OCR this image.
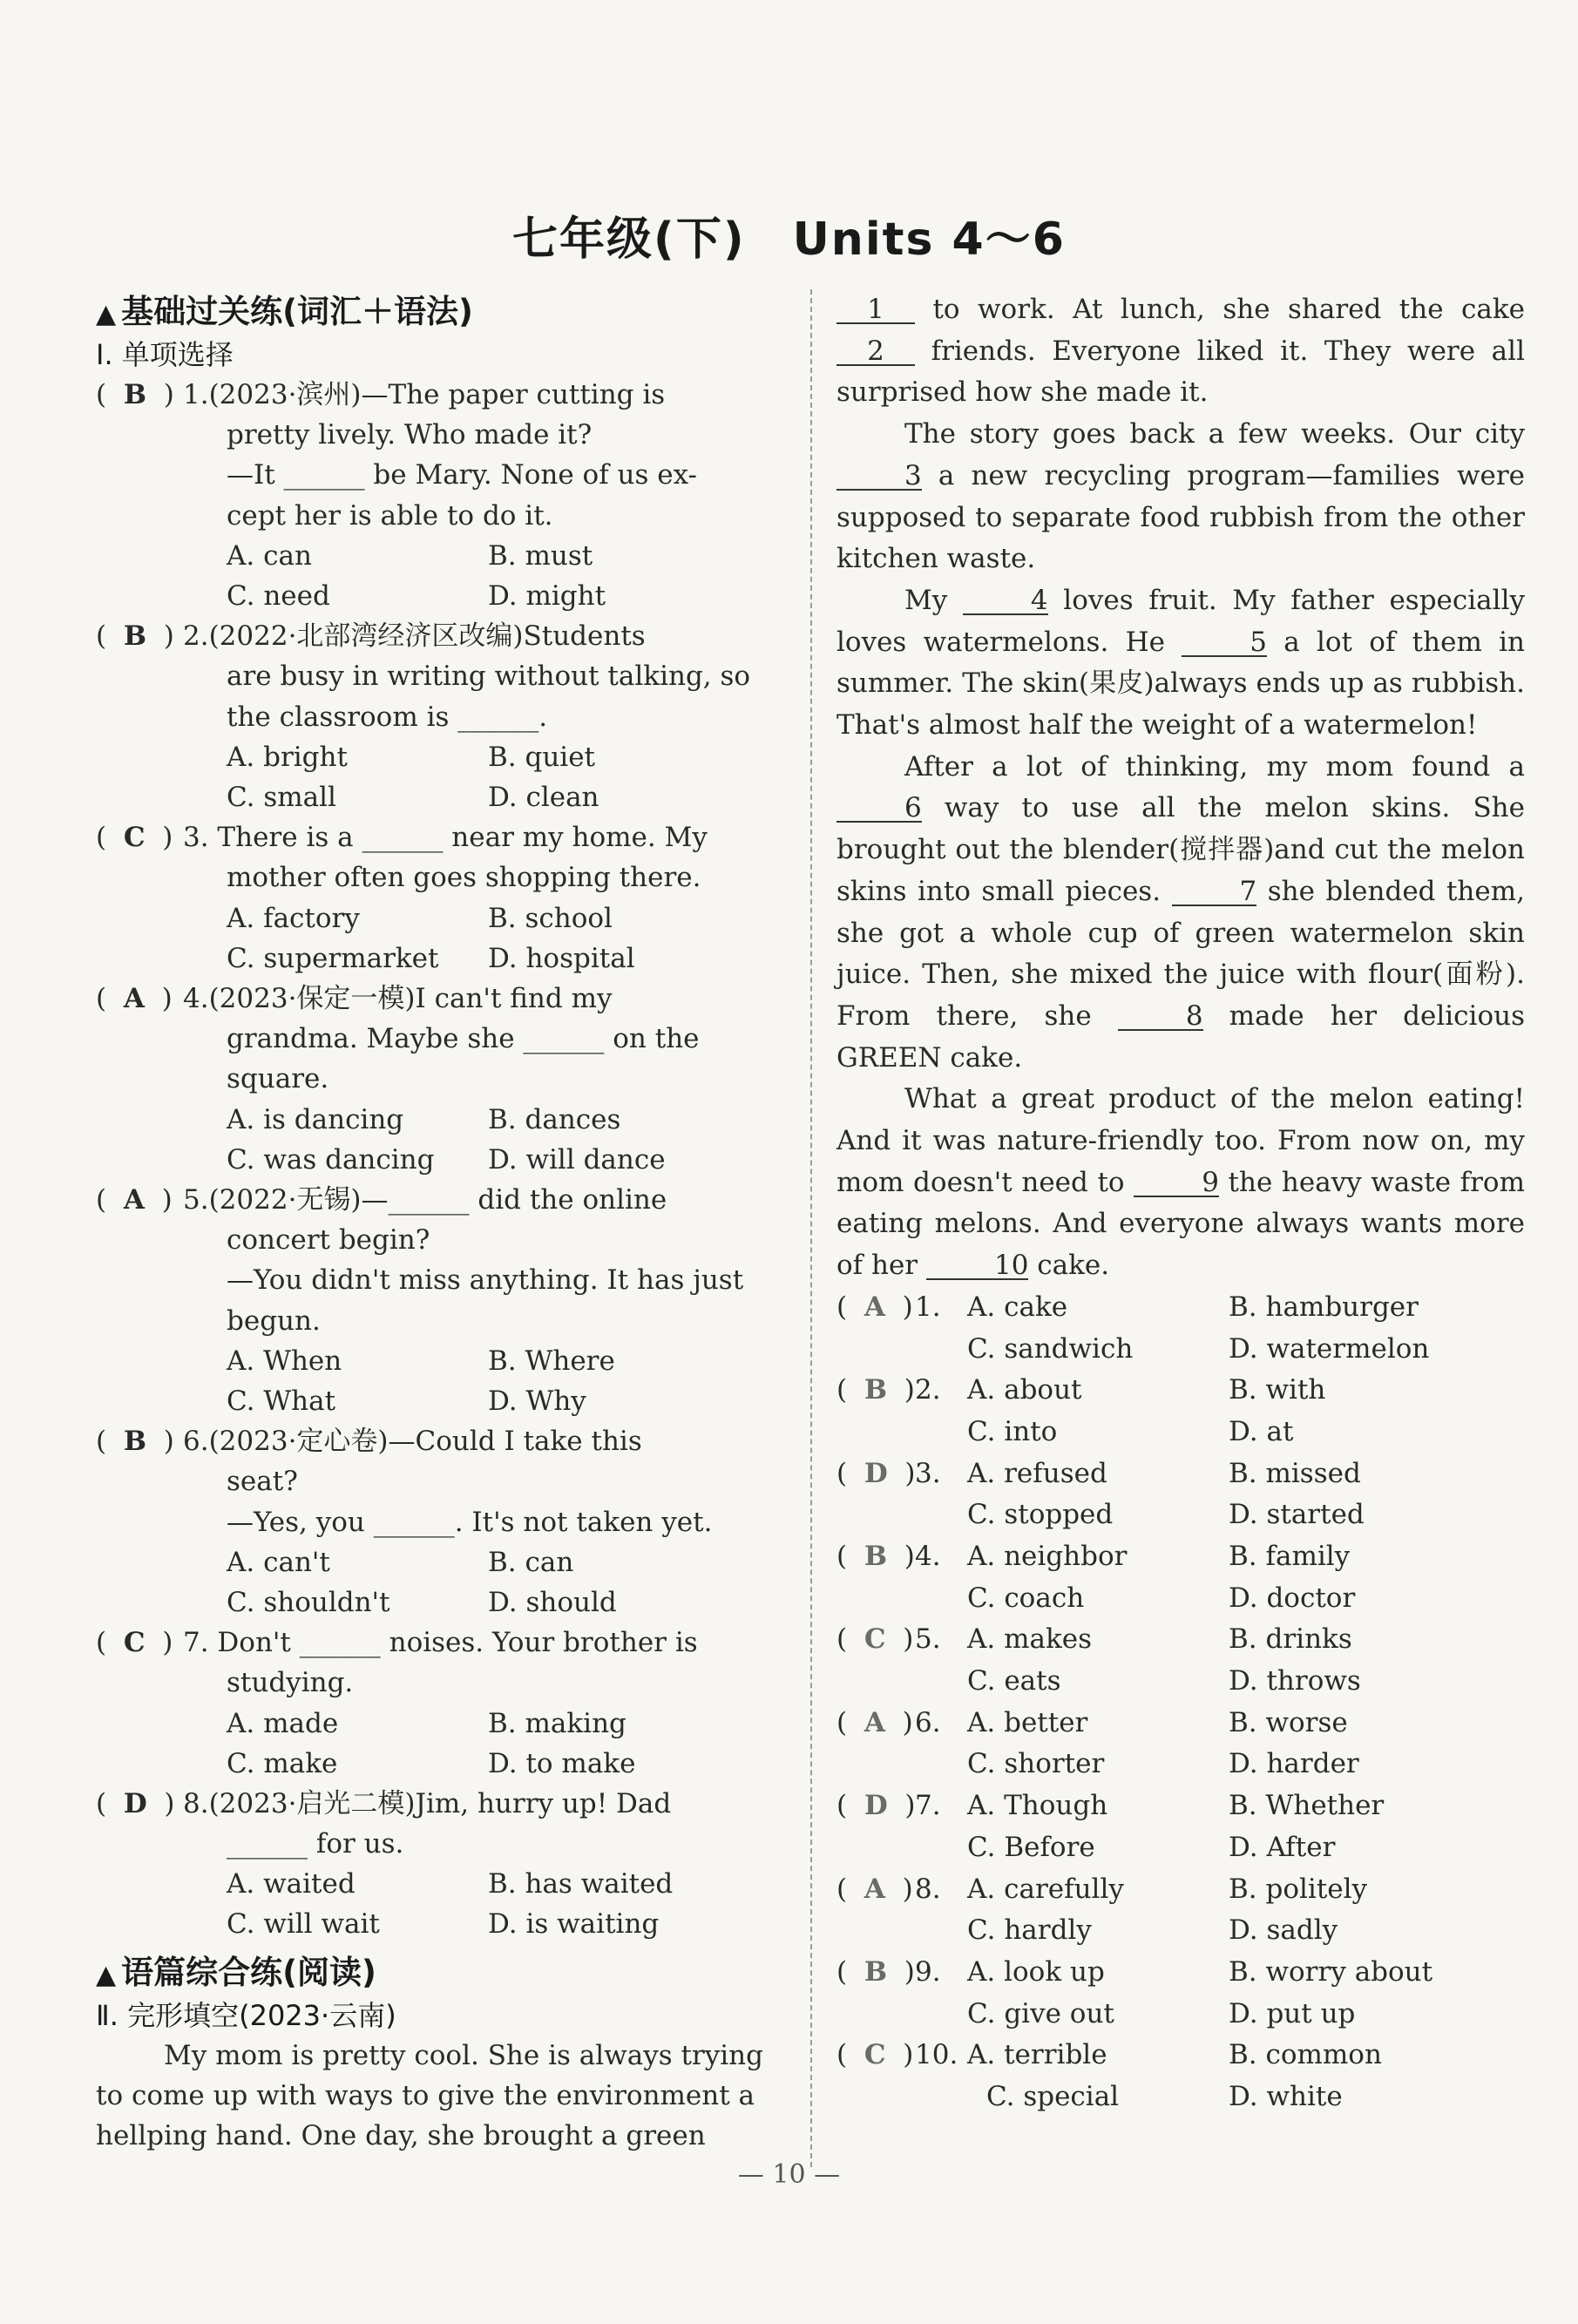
七年级(下)　Units 4～6
▲ 基础过关练(词汇＋语法)
Ⅰ. 单项选择
(  B  ) 1.(2023·滨州)—The paper cutting is
pretty lively. Who made it?
—It ______ be Mary. None of us ex-
cept her is able to do it.
A. can	B. must
C. need	D. might
(  B  ) 2.(2022·北部湾经济区改编)Students
are busy in writing without talking, so
the classroom is ______.
A. bright	B. quiet
C. small	D. clean
(  C  ) 3. There is a ______ near my home. My
mother often goes shopping there.
A. factory	B. school
C. supermarket	D. hospital
(  A  ) 4.(2023·保定一模)I can't find my
grandma. Maybe she ______ on the
square.
A. is dancing	B. dances
C. was dancing	D. will dance
(  A  ) 5.(2022·无锡)—______ did the online
concert begin?
—You didn't miss anything. It has just
begun.
A. When	B. Where
C. What	D. Why
(  B  ) 6.(2023·定心卷)—Could I take this
seat?
—Yes, you ______. It's not taken yet.
A. can't	B. can
C. shouldn't	D. should
(  C  ) 7. Don't ______ noises. Your brother is
studying.
A. made	B. making
C. make	D. to make
(  D  ) 8.(2023·启光二模)Jim, hurry up! Dad
______ for us.
A. waited	B. has waited
C. will wait	D. is waiting
▲ 语篇综合练(阅读)
Ⅱ. 完形填空(2023·云南)
My mom is pretty cool. She is always trying
to come up with ways to give the environment a
hellping hand. One day, she brought a green

1 to work. At lunch, she shared the cake 2 friends. Everyone liked it. They were all surprised how she made it.

The story goes back a few weeks. Our city 3 a new recycling program—families were supposed to separate food rubbish from the other kitchen waste.

My	4 loves fruit. My father especially loves watermelons. He	5 a lot of them in summer. The skin(果皮)always ends up as rubbish. That's almost half the weight of a watermelon!

After a lot of thinking, my mom found a 6 way to use all the melon skins. She brought out the blender(搅拌器)and cut the melon skins into small pieces.	7 she blended them, she got a whole cup of green watermelon skin juice. Then, she mixed the juice with flour(面粉). From there, she	8 made her delicious GREEN cake.

What a great product of the melon eating! And it was nature-friendly too. From now on, my mom doesn't need to	9 the heavy waste from eating melons. And everyone always wants more of her	10 cake.

(  A  ) 1. A. cake	B. hamburger
C. sandwich	D. watermelon
(  B  ) 2. A. about	B. with
C. into	D. at
(  D  ) 3. A. refused	B. missed
C. stopped	D. started
(  B  ) 4. A. neighbor	B. family
C. coach	D. doctor
(  C  ) 5. A. makes	B. drinks
C. eats	D. throws
(  A  ) 6. A. better	B. worse
C. shorter	D. harder
(  D  ) 7. A. Though	B. Whether
C. Before	D. After
(  A  ) 8. A. carefully	B. politely
C. hardly	D. sadly
(  B  ) 9. A. look up	B. worry about
C. give out	D. put up
(  C  ) 10. A. terrible	B. common
C. special	D. white
— 10 —
